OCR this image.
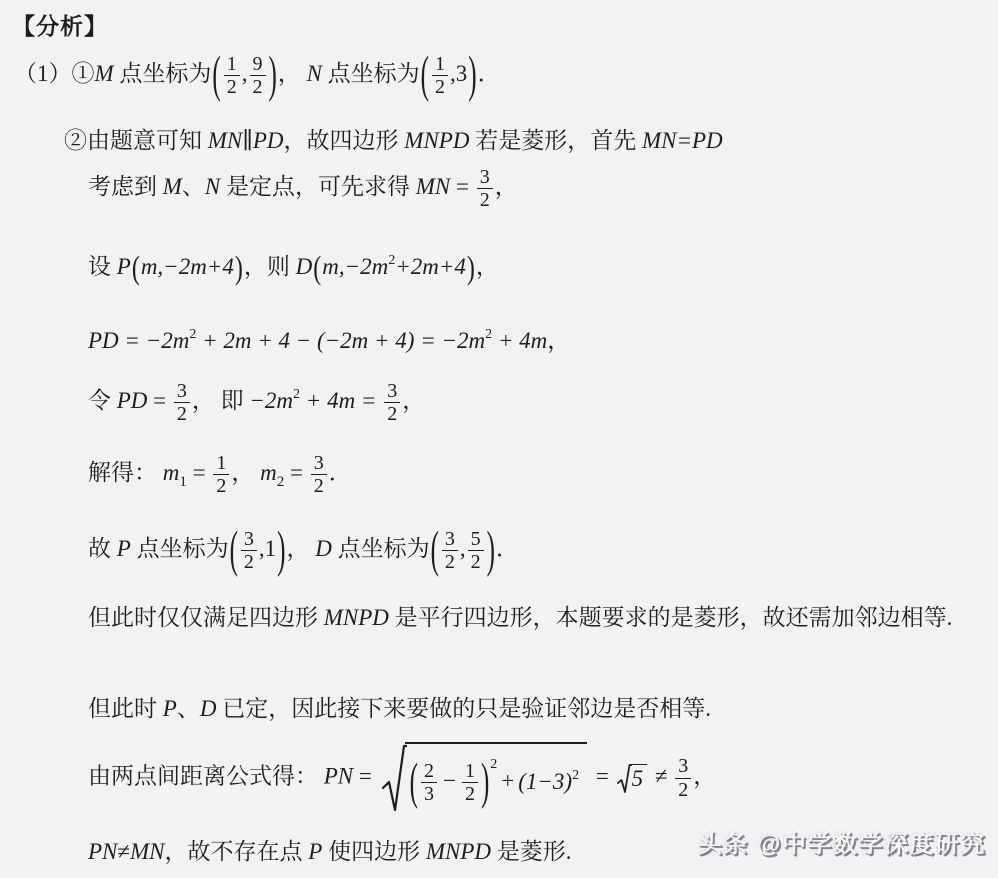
【分析】
（1）①M 点坐标为( $\frac{1}{2}$ , $\frac{9}{2}$ )， N 点坐标为( $\frac{1}{2} ,3$)．
②由题意可知 MN∥PD，故四边形 MNPD 若是菱形，首先 MN=PD
考虑到 M、N 是定点，可先求得 MN = $\frac{3}{2}$ ，
设 P(m,−2m+4)，则 $D(m,-2m^2+2m+4)$，
PD = $-2m^2 + 2m + 4 - (-2m + 4) = -2m^2 + 4m$，
令 PD = $\frac{3}{2}$ ， 即 $-2m^2 + 4m = \frac{3}{2}$ ，
解得： $m_1 = \frac{1}{2}$ ， $m_2 = \frac{3}{2}$ ．
故 P 点坐标为( $\frac{3}{2} ,1$)， D 点坐标为( $\frac{3}{2}$ , $\frac{5}{2}$ )．
但此时仅仅满足四边形 MNPD 是平行四边形，本题要求的是菱形，故还需加邻边相等.
但此时 P、D 已定，因此接下来要做的只是验证邻边是否相等.
由两点间距离公式得： PN = ( $\frac{2}{3} - \frac{1}{2} )^2$
+ $(1-3)^2 = 5 \ne \frac{3}{2}$ ，
PN≠MN，故不存在点 P 使四边形 MNPD 是菱形.	头条 @中学数学深度研究
